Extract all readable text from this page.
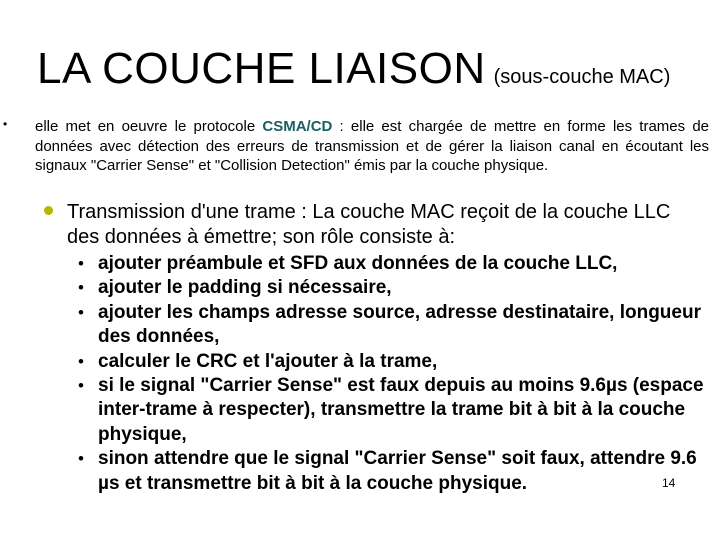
LA COUCHE LIAISON (sous-couche MAC)
• elle met en oeuvre le protocole CSMA/CD : elle est chargée de mettre en forme les trames de données avec détection des erreurs de transmission et de gérer la liaison canal en écoutant les signaux "Carrier Sense" et "Collision Detection" émis par la couche physique.
Transmission d'une trame : La couche MAC reçoit de la couche LLC des données à émettre; son rôle consiste à:
• ajouter préambule et SFD aux données de la couche LLC,
• ajouter le padding si nécessaire,
• ajouter les champs adresse source, adresse destinataire, longueur des données,
• calculer le CRC et l'ajouter à la trame,
• si le signal "Carrier Sense" est faux depuis au moins 9.6µs (espace inter-trame à respecter), transmettre la trame bit à bit à la couche physique,
• sinon attendre que le signal "Carrier Sense" soit faux, attendre 9.6 µs et transmettre bit à bit à la couche physique.	14
